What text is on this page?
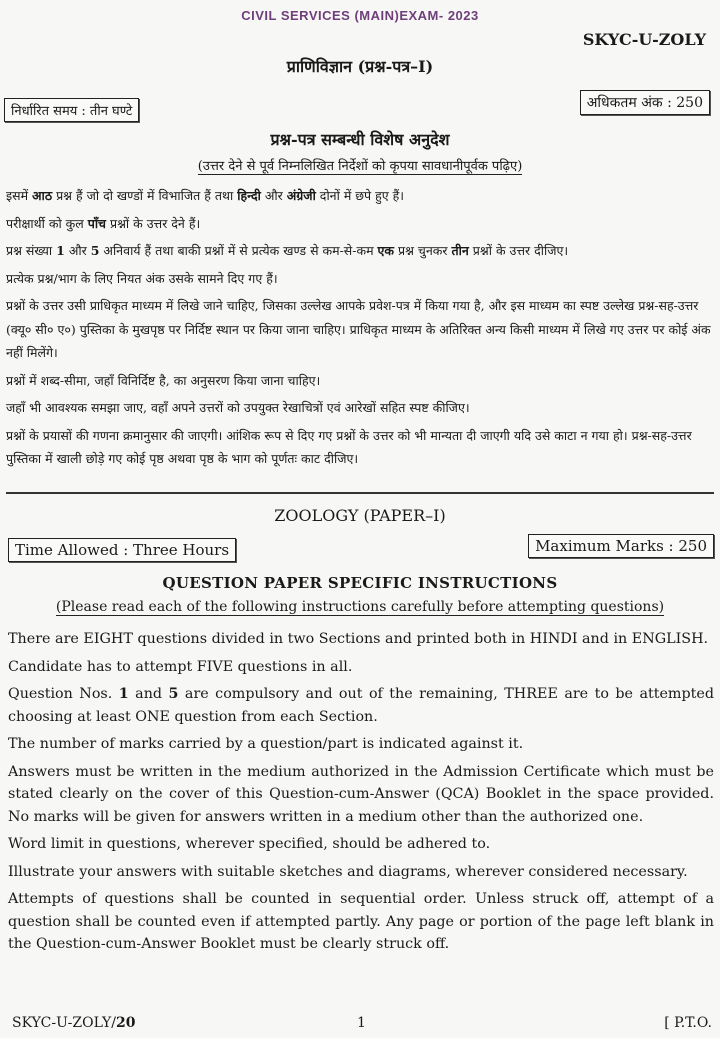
CIVIL SERVICES (MAIN)EXAM- 2023
SKYC-U-ZOLY
प्राणिविज्ञान (प्रश्न-पत्र–I)
निर्धारित समय : तीन घण्टे
अधिकतम अंक : 250
प्रश्न-पत्र सम्बन्धी विशेष अनुदेश
(उत्तर देने से पूर्व निम्नलिखित निर्देशों को कृपया सावधानीपूर्वक पढ़िए)

इसमें आठ प्रश्न हैं जो दो खण्डों में विभाजित हैं तथा हिन्दी और अंग्रेजी दोनों में छपे हुए हैं।

परीक्षार्थी को कुल पाँच प्रश्नों के उत्तर देने हैं।

प्रश्न संख्या 1 और 5 अनिवार्य हैं तथा बाकी प्रश्नों में से प्रत्येक खण्ड से कम-से-कम एक प्रश्न चुनकर तीन प्रश्नों के उत्तर दीजिए।

प्रत्येक प्रश्न/भाग के लिए नियत अंक उसके सामने दिए गए हैं।

प्रश्नों के उत्तर उसी प्राधिकृत माध्यम में लिखे जाने चाहिए, जिसका उल्लेख आपके प्रवेश-पत्र में किया गया है, और इस माध्यम का स्पष्ट उल्लेख प्रश्न-सह-उत्तर (क्यू० सी० ए०) पुस्तिका के मुखपृष्ठ पर निर्दिष्ट स्थान पर किया जाना चाहिए। प्राधिकृत माध्यम के अतिरिक्त अन्य किसी माध्यम में लिखे गए उत्तर पर कोई अंक नहीं मिलेंगे।

प्रश्नों में शब्द-सीमा, जहाँ विनिर्दिष्ट है, का अनुसरण किया जाना चाहिए।

जहाँ भी आवश्यक समझा जाए, वहाँ अपने उत्तरों को उपयुक्त रेखाचित्रों एवं आरेखों सहित स्पष्ट कीजिए।

प्रश्नों के प्रयासों की गणना क्रमानुसार की जाएगी। आंशिक रूप से दिए गए प्रश्नों के उत्तर को भी मान्यता दी जाएगी यदि उसे काटा न गया हो। प्रश्न-सह-उत्तर पुस्तिका में खाली छोड़े गए कोई पृष्ठ अथवा पृष्ठ के भाग को पूर्णतः काट दीजिए।

ZOOLOGY (PAPER–I)
Time Allowed : Three Hours	Maximum Marks : 250
QUESTION PAPER SPECIFIC INSTRUCTIONS
(Please read each of the following instructions carefully before attempting questions)

There are EIGHT questions divided in two Sections and printed both in HINDI and in ENGLISH.

Candidate has to attempt FIVE questions in all.

Question Nos. 1 and 5 are compulsory and out of the remaining, THREE are to be attempted choosing at least ONE question from each Section.

The number of marks carried by a question/part is indicated against it.

Answers must be written in the medium authorized in the Admission Certificate which must be stated clearly on the cover of this Question-cum-Answer (QCA) Booklet in the space provided. No marks will be given for answers written in a medium other than the authorized one.

Word limit in questions, wherever specified, should be adhered to.

Illustrate your answers with suitable sketches and diagrams, wherever considered necessary.

Attempts of questions shall be counted in sequential order. Unless struck off, attempt of a question shall be counted even if attempted partly. Any page or portion of the page left blank in the Question-cum-Answer Booklet must be clearly struck off.

SKYC-U-ZOLY/20	1	[ P.T.O.
